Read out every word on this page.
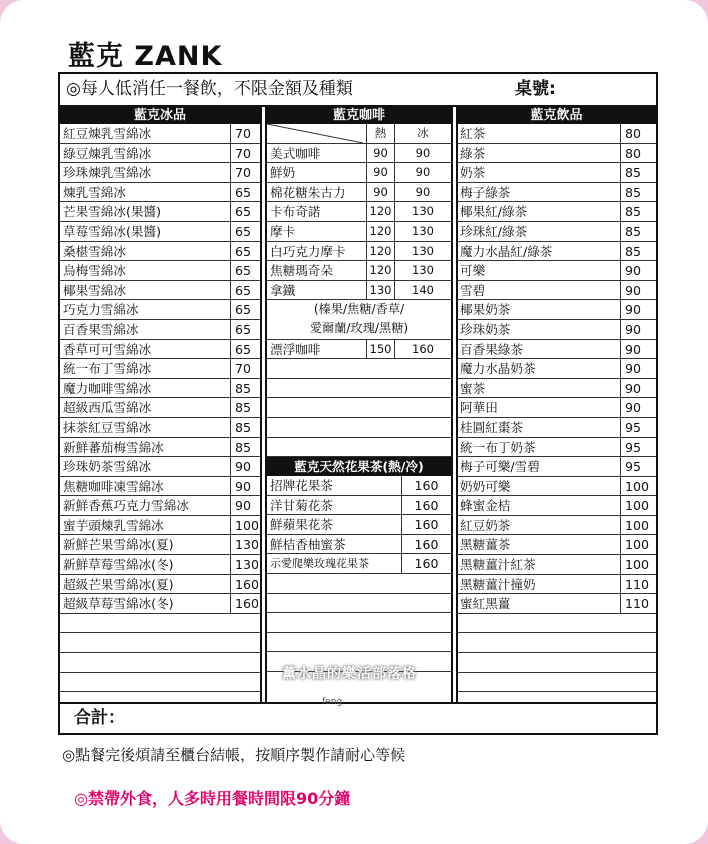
藍克 ZANK
◎每人低消任一餐飲，不限金額及種類	桌號:
藍克冰品
紅豆煉乳雪綿冰	70
綠豆煉乳雪綿冰	70
珍珠煉乳雪綿冰	70
煉乳雪綿冰	65
芒果雪綿冰(果醬)	65
草莓雪綿冰(果醬)	65
桑椹雪綿冰	65
烏梅雪綿冰	65
椰果雪綿冰	65
巧克力雪綿冰	65
百香果雪綿冰	65
香草可可雪綿冰	65
統一布丁雪綿冰	70
魔力咖啡雪綿冰	85
超級西瓜雪綿冰	85
抹茶紅豆雪綿冰	85
新鮮蕃茄梅雪綿冰	85
珍珠奶茶雪綿冰	90
焦糖咖啡凍雪綿冰	90
新鮮香蕉巧克力雪綿冰	90
蜜芋頭煉乳雪綿冰	100
新鮮芒果雪綿冰(夏)	130
新鮮草莓雪綿冰(冬)	130
超級芒果雪綿冰(夏)	160
超級草莓雪綿冰(冬)	160
藍克咖啡
熱	冰
美式咖啡	90	90
鮮奶	90	90
棉花糖朱古力	90	90
卡布奇諾	120	130
摩卡	120	130
白巧克力摩卡	120	130
焦糖瑪奇朵	120	130
拿鐵	130	140
(榛果/焦糖/香草/
愛爾蘭/玫瑰/黑糖)
漂浮咖啡	150	160
藍克天然花果茶(熱/冷)
招牌花果茶	160
洋甘菊花茶	160
鮮蘋果花茶	160
鮮桔香柚蜜茶	160
示愛爬樂玫瑰花果茶	160
藍克飲品
紅茶	80
綠茶	80
奶茶	85
梅子綠茶	85
椰果紅/綠茶	85
珍珠紅/綠茶	85
魔力水晶紅/綠茶	85
可樂	90
雪碧	90
椰果奶茶	90
珍珠奶茶	90
百香果綠茶	90
魔力水晶奶茶	90
蜜茶	90
阿華田	90
桂圓紅棗茶	95
統一布丁奶茶	95
梅子可樂/雪碧	95
奶奶可樂	100
蜂蜜金桔	100
紅豆奶茶	100
黑糖薑茶	100
黑糖薑汁紅茶	100
黑糖薑汁撞奶	110
蜜紅黑薑	110
合計：
薰水晶的樂活部落格
feng
◎點餐完後煩請至櫃台結帳，按順序製作請耐心等候
◎禁帶外食，人多時用餐時間限90分鐘
